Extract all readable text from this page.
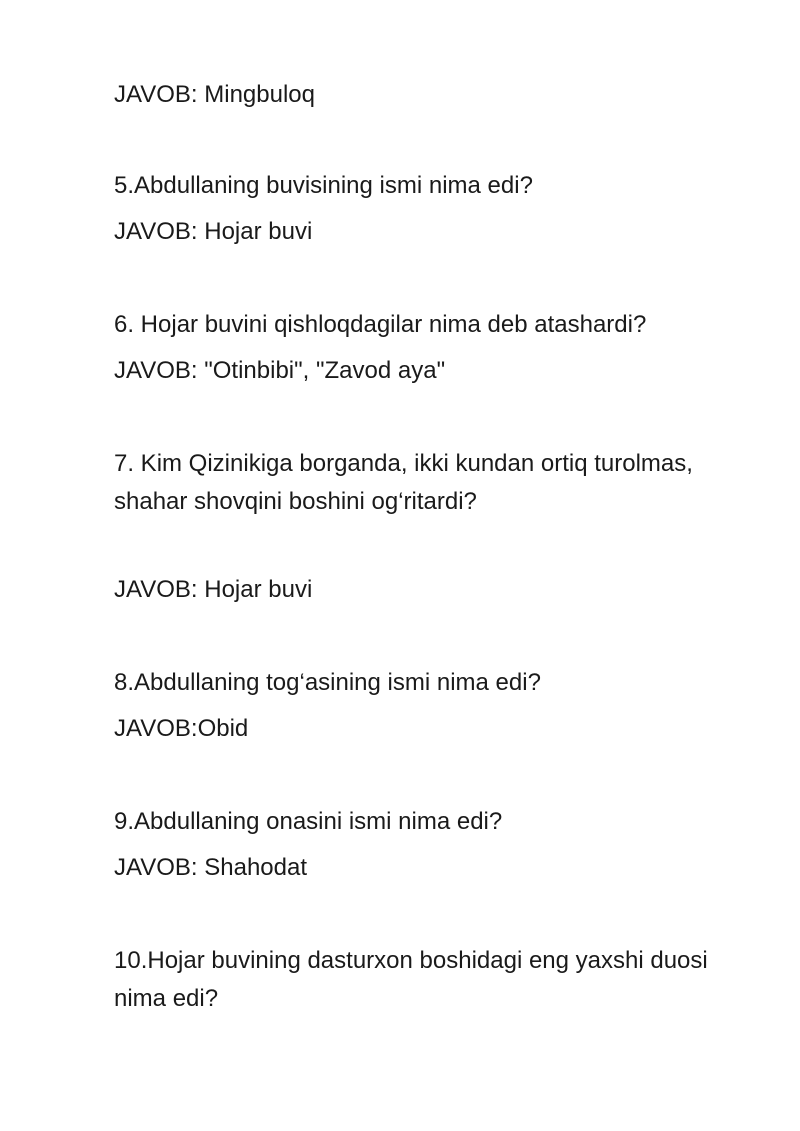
JAVOB: Mingbuloq
5.Abdullaning buvisining ismi nima edi?
JAVOB: Hojar buvi
6. Hojar buvini qishloqdagilar nima deb atashardi?
JAVOB: "Otinbibi", "Zavod aya"
7. Kim Qizinikiga borganda, ikki kundan ortiq turolmas, shahar shovqini boshini og‘ritardi?
JAVOB: Hojar buvi
8.Abdullaning tog‘asining ismi nima edi?
JAVOB:Obid
9.Abdullaning onasini ismi nima edi?
JAVOB: Shahodat
10.Hojar buvining dasturxon boshidagi eng yaxshi duosi nima edi?
